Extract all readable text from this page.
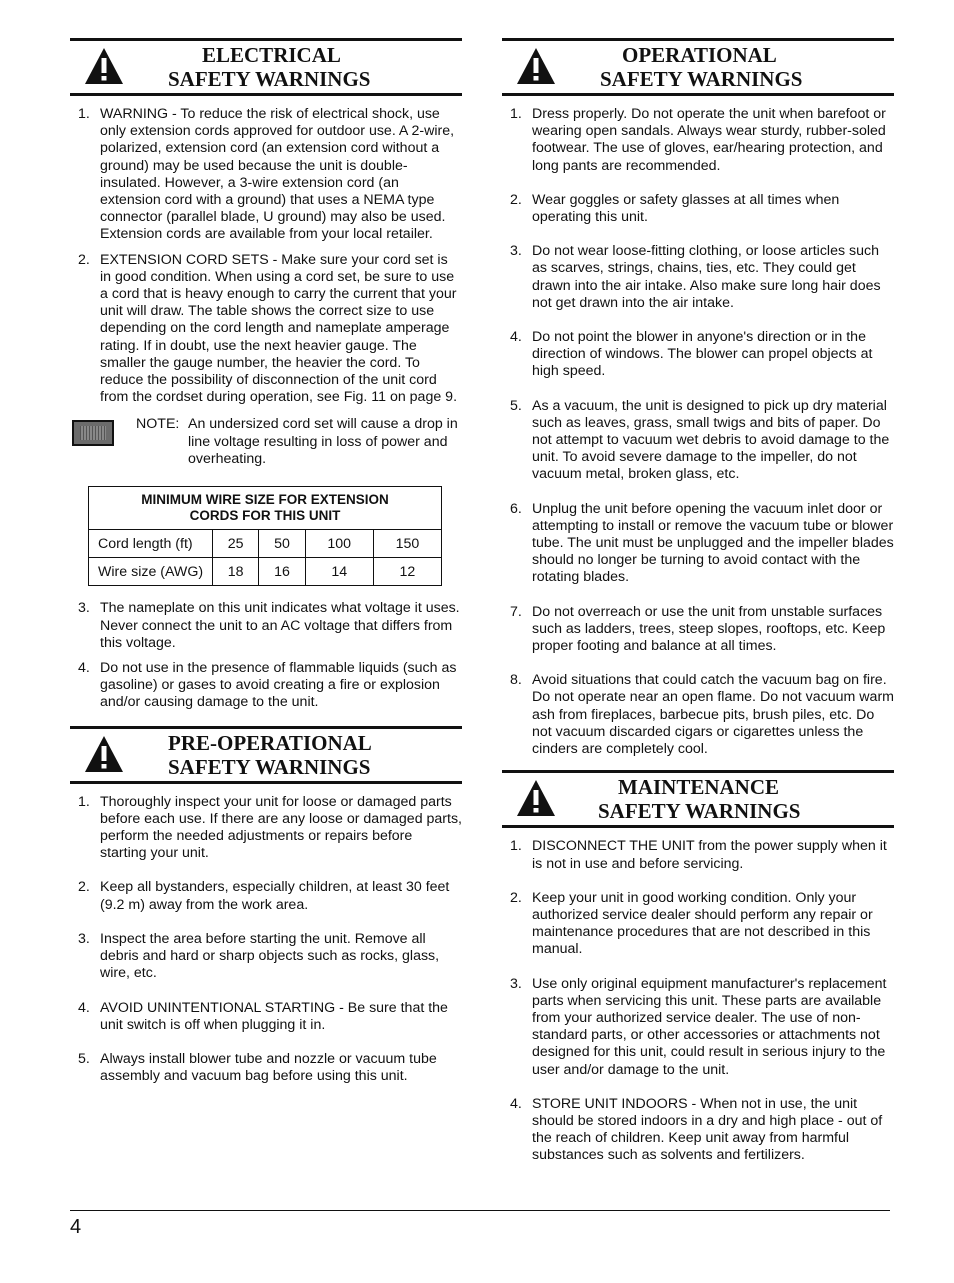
ELECTRICAL
SAFETY WARNINGS
1. WARNING - To reduce the risk of electrical shock, use only extension cords approved for outdoor use. A 2-wire, polarized, extension cord (an extension cord without a ground) may be used because the unit is double-insulated. However, a 3-wire extension cord (an extension cord with a ground) that uses a NEMA type connector (parallel blade, U ground) may also be used. Extension cords are available from your local retailer.
2. EXTENSION CORD SETS - Make sure your cord set is in good condition. When using a cord set, be sure to use a cord that is heavy enough to carry the current that your unit will draw. The table shows the correct size to use depending on the cord length and nameplate amperage rating. If in doubt, use the next heavier gauge. The smaller the gauge number, the heavier the cord. To reduce the possibility of disconnection of the unit cord from the cordset during operation, see Fig. 11 on page 9.
NOTE: An undersized cord set will cause a drop in line voltage resulting in loss of power and overheating.
MINIMUM WIRE SIZE FOR EXTENSION
CORDS FOR THIS UNIT				
Cord length (ft)	25	50	100	150
Wire size (AWG)	18	16	14	12
3. The nameplate on this unit indicates what voltage it uses. Never connect the unit to an AC voltage that differs from this voltage.
4. Do not use in the presence of flammable liquids (such as gasoline) or gases to avoid creating a fire or explosion and/or causing damage to the unit.
PRE-OPERATIONAL
SAFETY WARNINGS
1. Thoroughly inspect your unit for loose or damaged parts before each use. If there are any loose or damaged parts, perform the needed adjustments or repairs before starting your unit.
2. Keep all bystanders, especially children, at least 30 feet (9.2 m) away from the work area.
3. Inspect the area before starting the unit. Remove all debris and hard or sharp objects such as rocks, glass, wire, etc.
4. AVOID UNINTENTIONAL STARTING - Be sure that the unit switch is off when plugging it in.
5. Always install blower tube and nozzle or vacuum tube assembly and vacuum bag before using this unit.
OPERATIONAL
SAFETY WARNINGS
1. Dress properly. Do not operate the unit when barefoot or wearing open sandals. Always wear sturdy, rubber-soled footwear. The use of gloves, ear/hearing protection, and long pants are recommended.
2. Wear goggles or safety glasses at all times when operating this unit.
3. Do not wear loose-fitting clothing, or loose articles such as scarves, strings, chains, ties, etc. They could get drawn into the air intake. Also make sure long hair does not get drawn into the air intake.
4. Do not point the blower in anyone's direction or in the direction of windows. The blower can propel objects at high speed.
5. As a vacuum, the unit is designed to pick up dry material such as leaves, grass, small twigs and bits of paper. Do not attempt to vacuum wet debris to avoid damage to the unit. To avoid severe damage to the impeller, do not vacuum metal, broken glass, etc.
6. Unplug the unit before opening the vacuum inlet door or attempting to install or remove the vacuum tube or blower tube. The unit must be unplugged and the impeller blades should no longer be turning to avoid contact with the rotating blades.
7. Do not overreach or use the unit from unstable surfaces such as ladders, trees, steep slopes, rooftops, etc. Keep proper footing and balance at all times.
8. Avoid situations that could catch the vacuum bag on fire. Do not operate near an open flame. Do not vacuum warm ash from fireplaces, barbecue pits, brush piles, etc. Do not vacuum discarded cigars or cigarettes unless the cinders are completely cool.
MAINTENANCE
SAFETY WARNINGS
1. DISCONNECT THE UNIT from the power supply when it is not in use and before servicing.
2. Keep your unit in good working condition. Only your authorized service dealer should perform any repair or maintenance procedures that are not described in this manual.
3. Use only original equipment manufacturer's replacement parts when servicing this unit. These parts are available from your authorized service dealer. The use of non-standard parts, or other accessories or attachments not designed for this unit, could result in serious injury to the user and/or damage to the unit.
4. STORE UNIT INDOORS - When not in use, the unit should be stored indoors in a dry and high place - out of the reach of children. Keep unit away from harmful substances such as solvents and fertilizers.
4
